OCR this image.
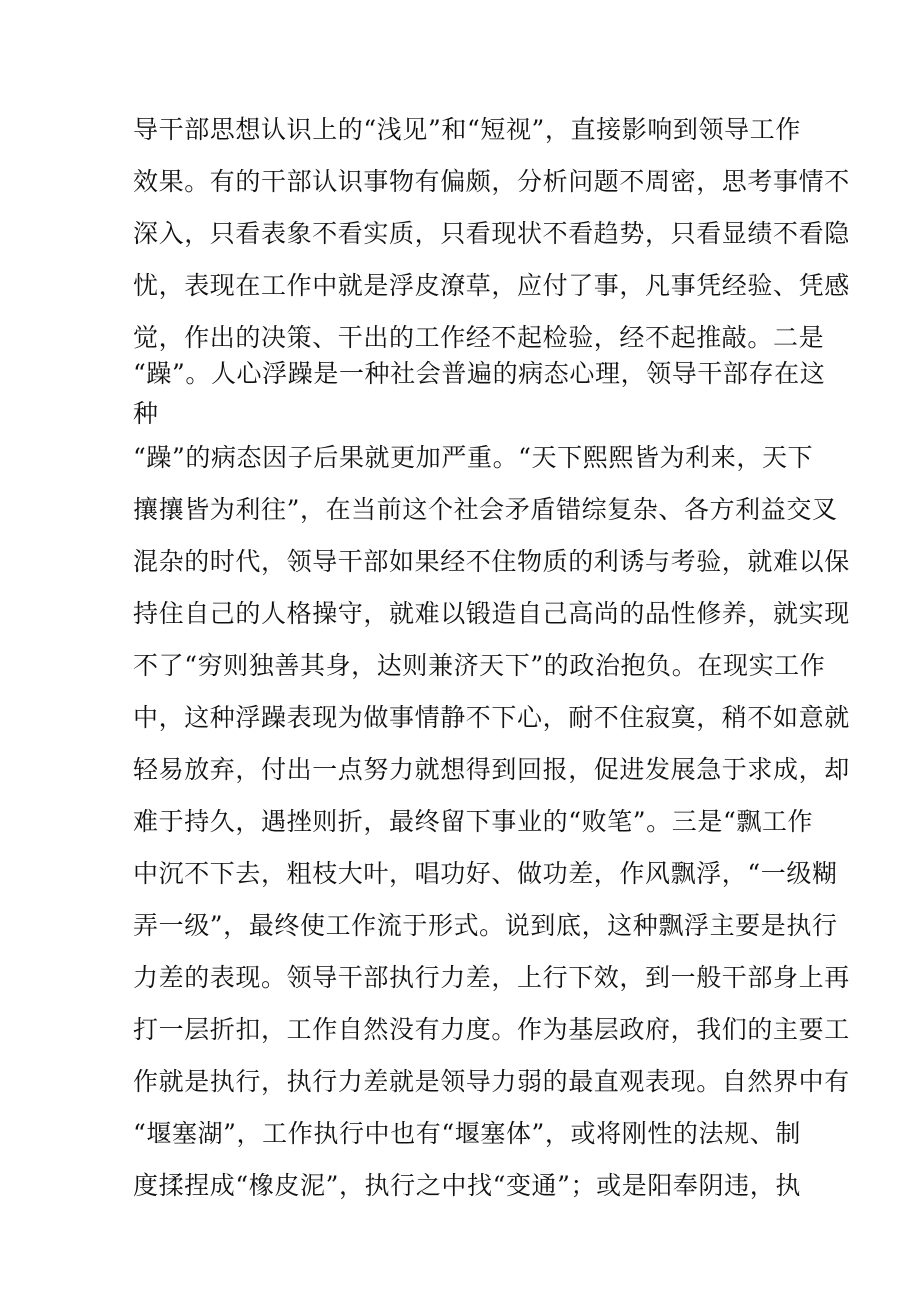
导干部思想认识上的“浅见”和“短视”，直接影响到领导工作
效果。有的干部认识事物有偏颇，分析问题不周密，思考事情不
深入，只看表象不看实质，只看现状不看趋势，只看显绩不看隐
忧，表现在工作中就是浮皮潦草，应付了事，凡事凭经验、凭感
觉，作出的决策、干出的工作经不起检验，经不起推敲。二是
“躁”。人心浮躁是一种社会普遍的病态心理，领导干部存在这
种
“躁”的病态因子后果就更加严重。“天下熙熙皆为利来，天下
攘攘皆为利往”，在当前这个社会矛盾错综复杂、各方利益交叉
混杂的时代，领导干部如果经不住物质的利诱与考验，就难以保
持住自己的人格操守，就难以锻造自己高尚的品性修养，就实现
不了“穷则独善其身，达则兼济天下”的政治抱负。在现实工作
中，这种浮躁表现为做事情静不下心，耐不住寂寞，稍不如意就
轻易放弃，付出一点努力就想得到回报，促进发展急于求成，却
难于持久，遇挫则折，最终留下事业的“败笔”。三是“飘工作
中沉不下去，粗枝大叶，唱功好、做功差，作风飘浮，“一级糊
弄一级”，最终使工作流于形式。说到底，这种飘浮主要是执行
力差的表现。领导干部执行力差，上行下效，到一般干部身上再
打一层折扣，工作自然没有力度。作为基层政府，我们的主要工
作就是执行，执行力差就是领导力弱的最直观表现。自然界中有
“堰塞湖”，工作执行中也有“堰塞体”，或将刚性的法规、制
度揉捏成“橡皮泥”，执行之中找“变通”；或是阳奉阴违，执
